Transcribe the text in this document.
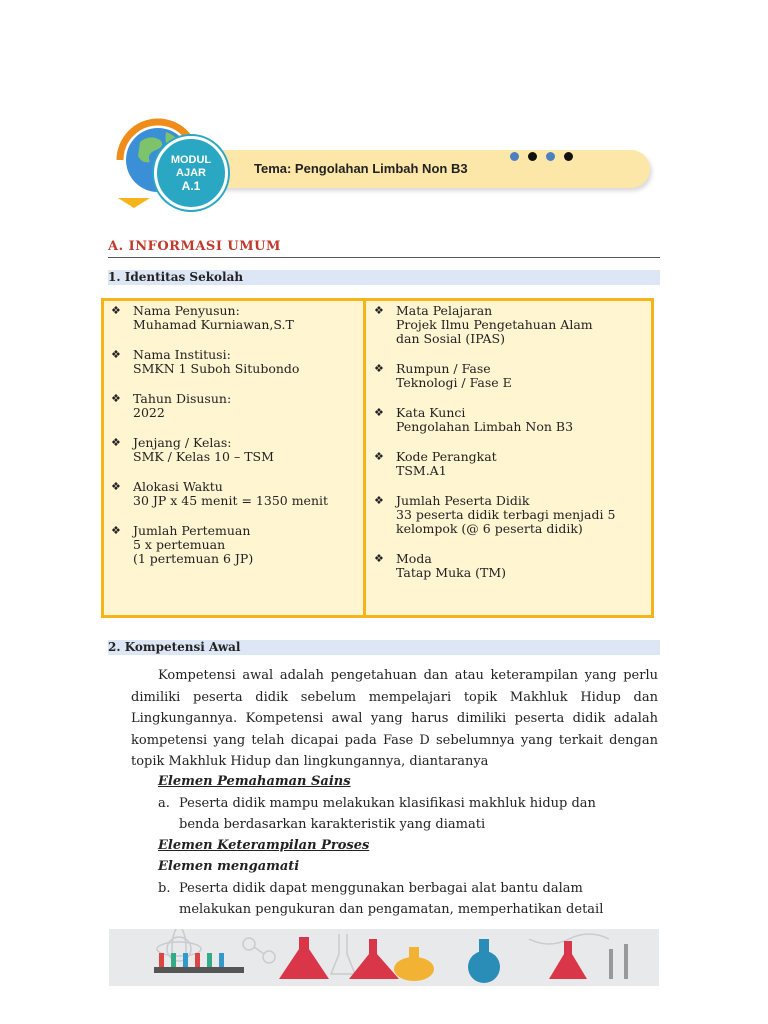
Tema: Pengolahan Limbah Non B3
MODUL
AJAR
A.1
A. INFORMASI UMUM
1. Identitas Sekolah
❖ Nama Penyusun:
Muhamad Kurniawan,S.T
❖ Nama Institusi:
SMKN 1 Suboh Situbondo
❖ Tahun Disusun:
2022
❖ Jenjang / Kelas:
SMK / Kelas 10 – TSM
❖ Alokasi Waktu
30 JP x 45 menit = 1350 menit
❖ Jumlah Pertemuan
5 x pertemuan
(1 pertemuan 6 JP)
❖ Mata Pelajaran
Projek Ilmu Pengetahuan Alam
dan Sosial (IPAS)
❖ Rumpun / Fase
Teknologi / Fase E
❖ Kata Kunci
Pengolahan Limbah Non B3
❖ Kode Perangkat
TSM.A1
❖ Jumlah Peserta Didik
33 peserta didik terbagi menjadi 5
kelompok (@ 6 peserta didik)
❖ Moda
Tatap Muka (TM)
2. Kompetensi Awal
Kompetensi awal adalah pengetahuan dan atau keterampilan yang perlu dimiliki peserta didik sebelum mempelajari topik Makhluk Hidup dan Lingkungannya. Kompetensi awal yang harus dimiliki peserta didik adalah kompetensi yang telah dicapai pada Fase D sebelumnya yang terkait dengan topik Makhluk Hidup dan lingkungannya, diantaranya
Elemen Pemahaman Sains
a. Peserta didik mampu melakukan klasifikasi makhluk hidup dan
benda berdasarkan karakteristik yang diamati
Elemen Keterampilan Proses
Elemen mengamati
b. Peserta didik dapat menggunakan berbagai alat bantu dalam
melakukan pengukuran dan pengamatan, memperhatikan detail
